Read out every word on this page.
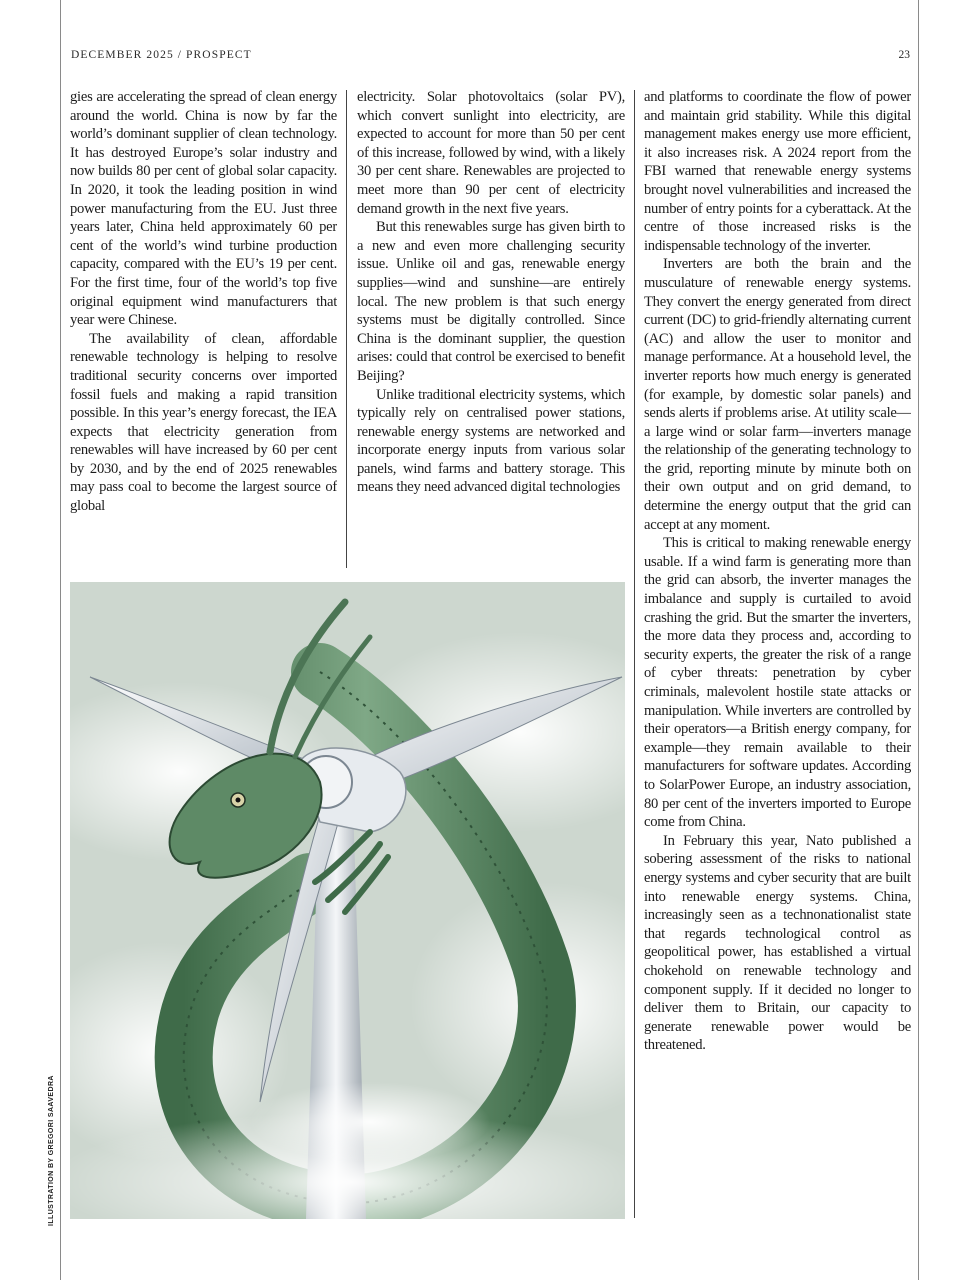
DECEMBER 2025 / PROSPECT	23

gies are accelerating the spread of clean energy around the world. China is now by far the world’s dominant supplier of clean technology. It has destroyed Europe’s solar industry and now builds 80 per cent of global solar capacity. In 2020, it took the leading position in wind power manufacturing from the EU. Just three years later, China held approximately 60 per cent of the world’s wind turbine production capacity, compared with the EU’s 19 per cent. For the first time, four of the world’s top five original equipment wind manufacturers that year were Chinese.

The availability of clean, affordable renewable technology is helping to resolve traditional security concerns over imported fossil fuels and making a rapid transition possible. In this year’s energy forecast, the IEA expects that electricity generation from renewables will have increased by 60 per cent by 2030, and by the end of 2025 renewables may pass coal to become the largest source of global

electricity. Solar photovoltaics (solar PV), which convert sunlight into electricity, are expected to account for more than 50 per cent of this increase, followed by wind, with a likely 30 per cent share. Renewables are projected to meet more than 90 per cent of electricity demand growth in the next five years.

But this renewables surge has given birth to a new and even more challenging security issue. Unlike oil and gas, renewable energy supplies—wind and sunshine—are entirely local. The new problem is that such energy systems must be digitally controlled. Since China is the dominant supplier, the question arises: could that control be exercised to benefit Beijing?

Unlike traditional electricity systems, which typically rely on centralised power stations, renewable energy systems are networked and incorporate energy inputs from various solar panels, wind farms and battery storage. This means they need advanced digital technologies

and platforms to coordinate the flow of power and maintain grid stability. While this digital management makes energy use more efficient, it also increases risk. A 2024 report from the FBI warned that renewable energy systems brought novel vulnerabilities and increased the number of entry points for a cyberattack. At the centre of those increased risks is the indispensable technology of the inverter.

Inverters are both the brain and the musculature of renewable energy systems. They convert the energy generated from direct current (DC) to grid-friendly alternating current (AC) and allow the user to monitor and manage performance. At a household level, the inverter reports how much energy is generated (for example, by domestic solar panels) and sends alerts if problems arise. At utility scale—a large wind or solar farm—inverters manage the relationship of the generating technology to the grid, reporting minute by minute both on their own output and on grid demand, to determine the energy output that the grid can accept at any moment.

This is critical to making renewable energy usable. If a wind farm is generating more than the grid can absorb, the inverter manages the imbalance and supply is curtailed to avoid crashing the grid. But the smarter the inverters, the more data they process and, according to security experts, the greater the risk of a range of cyber threats: penetration by cyber criminals, malevolent hostile state attacks or manipulation. While inverters are controlled by their operators—a British energy company, for example—they remain available to their manufacturers for software updates. According to SolarPower Europe, an industry association, 80 per cent of the inverters imported to Europe come from China.

In February this year, Nato published a sobering assessment of the risks to national energy systems and cyber security that are built into renewable energy systems. China, increasingly seen as a technonationalist state that regards technological control as geopolitical power, has established a virtual chokehold on renewable technology and component supply. If it decided no longer to deliver them to Britain, our capacity to generate renewable power would be threatened.

ILLUSTRATION BY GREGORI SAAVEDRA
